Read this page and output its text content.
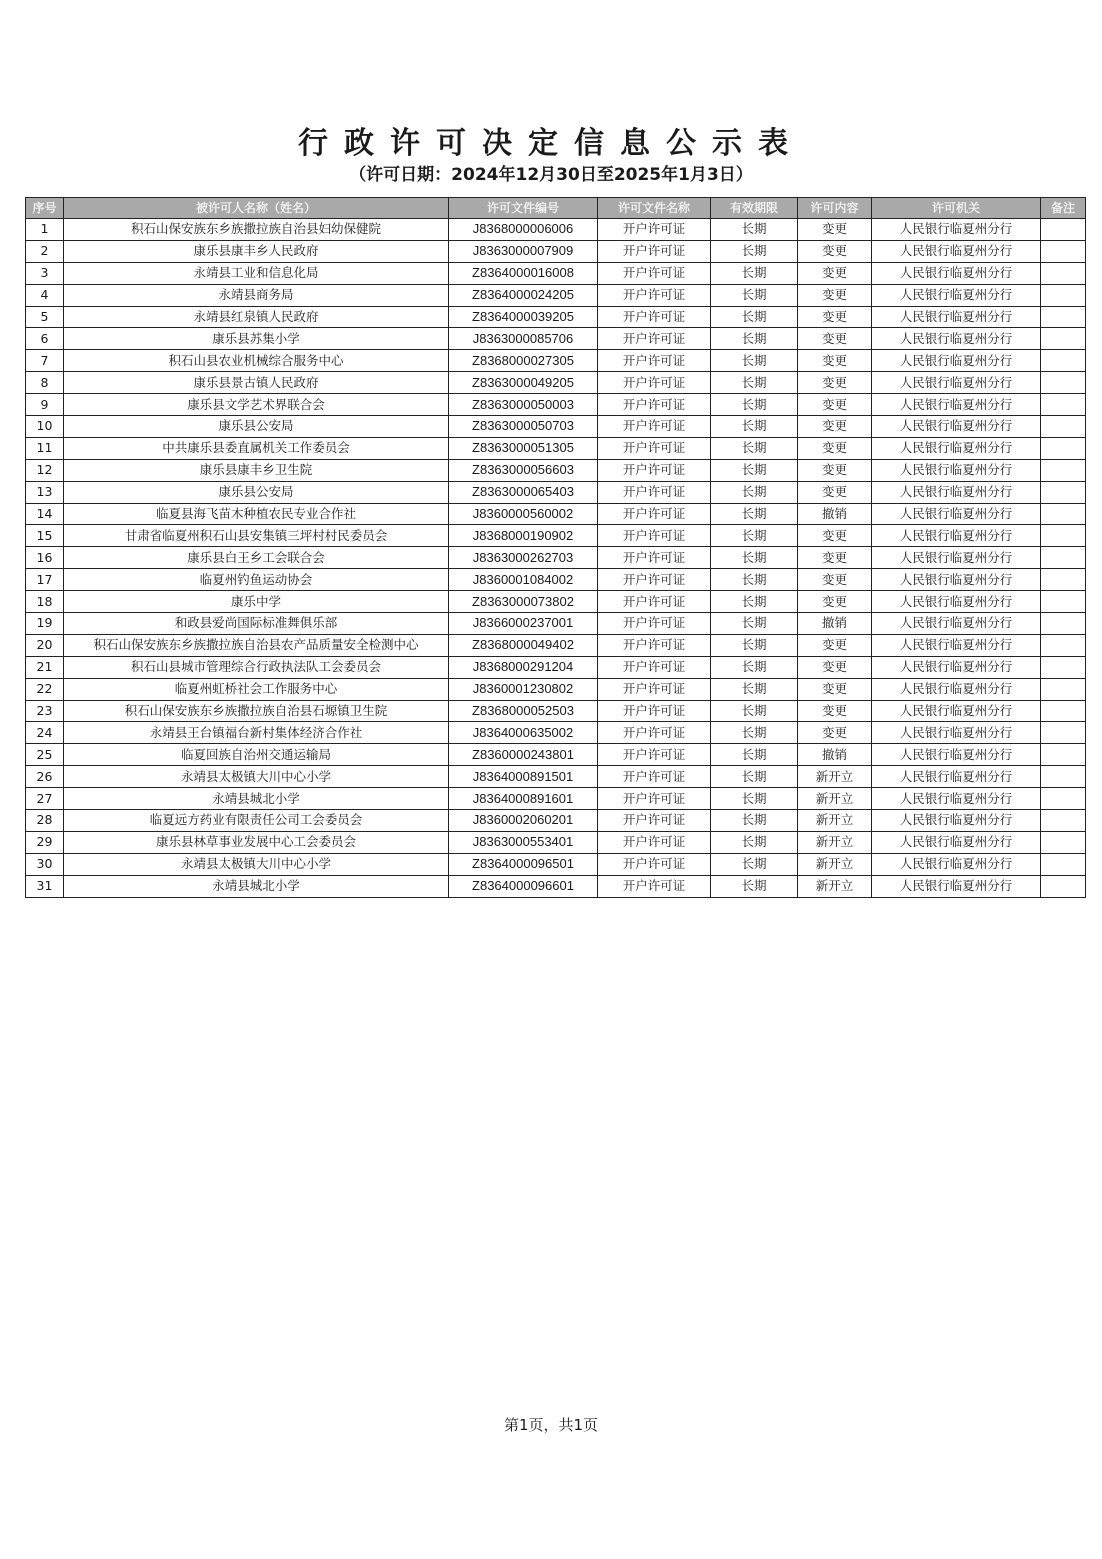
行政许可决定信息公示表
（许可日期：2024年12月30日至2025年1月3日）
序号	被许可人名称（姓名）	许可文件编号	许可文件名称	有效期限	许可内容	许可机关	备注
1	积石山保安族东乡族撒拉族自治县妇幼保健院	J8368000006006	开户许可证	长期	变更	人民银行临夏州分行	
2	康乐县康丰乡人民政府	J8363000007909	开户许可证	长期	变更	人民银行临夏州分行	
3	永靖县工业和信息化局	Z8364000016008	开户许可证	长期	变更	人民银行临夏州分行	
4	永靖县商务局	Z8364000024205	开户许可证	长期	变更	人民银行临夏州分行	
5	永靖县红泉镇人民政府	Z8364000039205	开户许可证	长期	变更	人民银行临夏州分行	
6	康乐县苏集小学	J8363000085706	开户许可证	长期	变更	人民银行临夏州分行	
7	积石山县农业机械综合服务中心	Z8368000027305	开户许可证	长期	变更	人民银行临夏州分行	
8	康乐县景古镇人民政府	Z8363000049205	开户许可证	长期	变更	人民银行临夏州分行	
9	康乐县文学艺术界联合会	Z8363000050003	开户许可证	长期	变更	人民银行临夏州分行	
10	康乐县公安局	Z8363000050703	开户许可证	长期	变更	人民银行临夏州分行	
11	中共康乐县委直属机关工作委员会	Z8363000051305	开户许可证	长期	变更	人民银行临夏州分行	
12	康乐县康丰乡卫生院	Z8363000056603	开户许可证	长期	变更	人民银行临夏州分行	
13	康乐县公安局	Z8363000065403	开户许可证	长期	变更	人民银行临夏州分行	
14	临夏县海飞苗木种植农民专业合作社	J8360000560002	开户许可证	长期	撤销	人民银行临夏州分行	
15	甘肃省临夏州积石山县安集镇三坪村村民委员会	J8368000190902	开户许可证	长期	变更	人民银行临夏州分行	
16	康乐县白王乡工会联合会	J8363000262703	开户许可证	长期	变更	人民银行临夏州分行	
17	临夏州钓鱼运动协会	J8360001084002	开户许可证	长期	变更	人民银行临夏州分行	
18	康乐中学	Z8363000073802	开户许可证	长期	变更	人民银行临夏州分行	
19	和政县爱尚国际标准舞俱乐部	J8366000237001	开户许可证	长期	撤销	人民银行临夏州分行	
20	积石山保安族东乡族撒拉族自治县农产品质量安全检测中心	Z8368000049402	开户许可证	长期	变更	人民银行临夏州分行	
21	积石山县城市管理综合行政执法队工会委员会	J8368000291204	开户许可证	长期	变更	人民银行临夏州分行	
22	临夏州虹桥社会工作服务中心	J8360001230802	开户许可证	长期	变更	人民银行临夏州分行	
23	积石山保安族东乡族撒拉族自治县石塬镇卫生院	Z8368000052503	开户许可证	长期	变更	人民银行临夏州分行	
24	永靖县王台镇福台新村集体经济合作社	J8364000635002	开户许可证	长期	变更	人民银行临夏州分行	
25	临夏回族自治州交通运输局	Z8360000243801	开户许可证	长期	撤销	人民银行临夏州分行	
26	永靖县太极镇大川中心小学	J8364000891501	开户许可证	长期	新开立	人民银行临夏州分行	
27	永靖县城北小学	J8364000891601	开户许可证	长期	新开立	人民银行临夏州分行	
28	临夏远方药业有限责任公司工会委员会	J8360002060201	开户许可证	长期	新开立	人民银行临夏州分行	
29	康乐县林草事业发展中心工会委员会	J8363000553401	开户许可证	长期	新开立	人民银行临夏州分行	
30	永靖县太极镇大川中心小学	Z8364000096501	开户许可证	长期	新开立	人民银行临夏州分行	
31	永靖县城北小学	Z8364000096601	开户许可证	长期	新开立	人民银行临夏州分行	
第1页，共1页
